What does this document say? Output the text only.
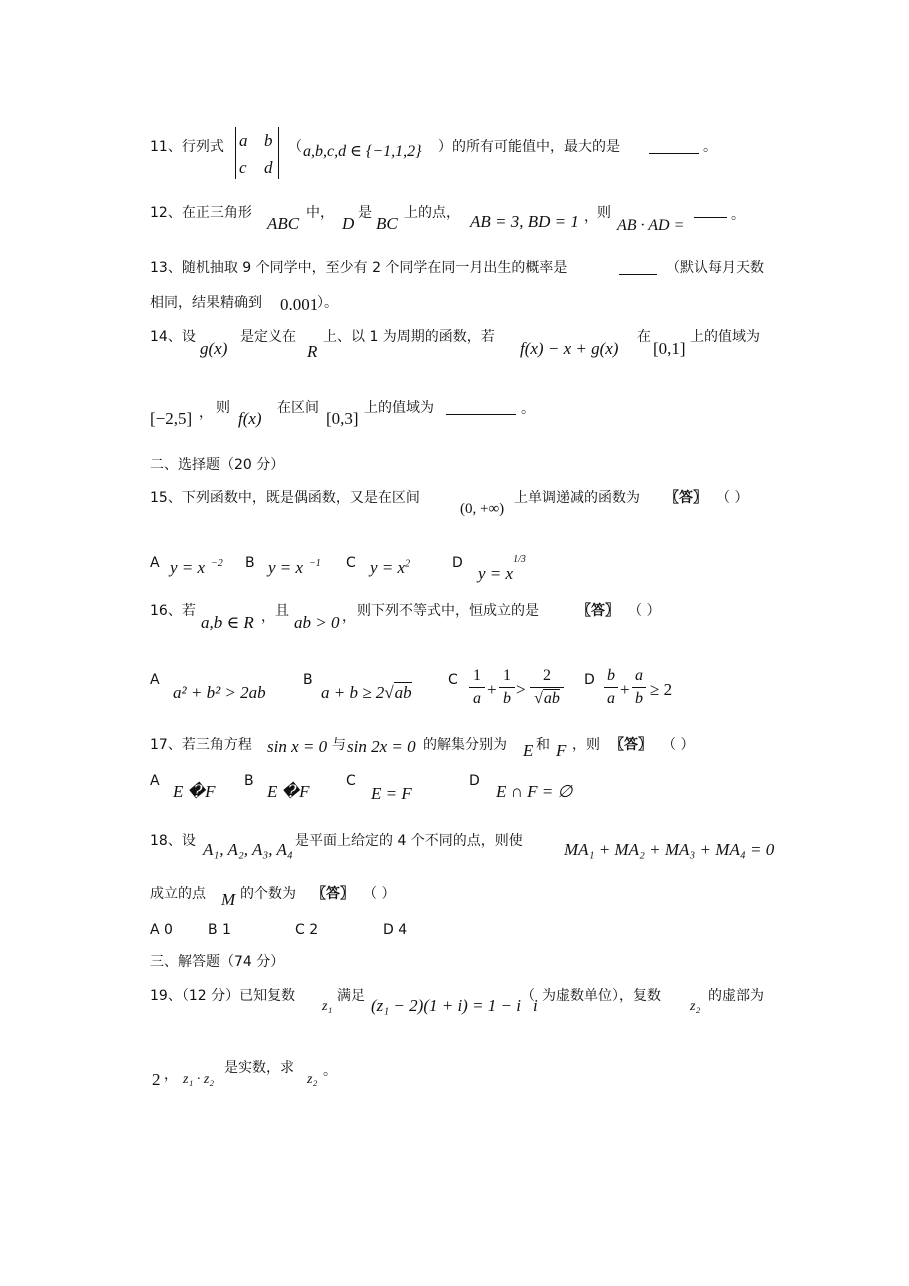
11、行列式 a b
c d
（ a,b,c,d ∈ {−1,1,2} ）的所有可能值中，最大的是	。
12、在正三角形
ABC
中，
D
是
BC
上的点， AB = 3, BD = 1 ， 则
AB · AD =
。
13、随机抽取 9 个同学中，至少有 2 个同学在同一月出生的概率是	（默认每月天数
相同，结果精确到 0.001
）。
14、设
g(x)
是定义在
R
上、以 1 为周期的函数，若
f(x) − x + g(x)
在
[0,1]
上的值域为
[−2,5] ， 则
f(x)
在区间
[0,3]
上的值域为	。
二、选择题（20 分）
15、下列函数中，既是偶函数，又是在区间
(0, +∞)
上单调递减的函数为 〖答〗 （ ）
A y = x $^{-2}$ B y = x $^{-1}$ C $y = x^2$	D
$y = x^{1/3}$
16、若
a,b ∈ R ， 且
ab > 0 ， 则下列不等式中，恒成立的是	〖答〗 （ ）
A
a² + b² > 2ab
B
a + b ≥ 2√ab
C 1
a +
1
b >
2
√ab
D b
a +
a
b ≥ 2
17、若三角方程 sin x = 0 与 sin 2x = 0 的解集分别为 E 和 F ，则 〖答〗 （ ）
A
E �F
B
E �F
C
E = F
D
E ∩ F = ∅
18、设 A₁, A₂, A₃, A₄ 是平面上给定的 4 个不同的点，则使 MA₁ + MA₂ + MA₃ + MA₄ = 0
成立的点 M 的个数为 〖答〗 （ ）
A 0	B 1	C 2	D 4
三、解答题（74 分）
19、（12 分）已知复数
z₁
满足 (z₁ − 2)(1 + i) = 1 − i （
i 为虚数单位），复数
z₂
的虚部为
2 ， z₁ · z₂
是实数，求
z₂
。
